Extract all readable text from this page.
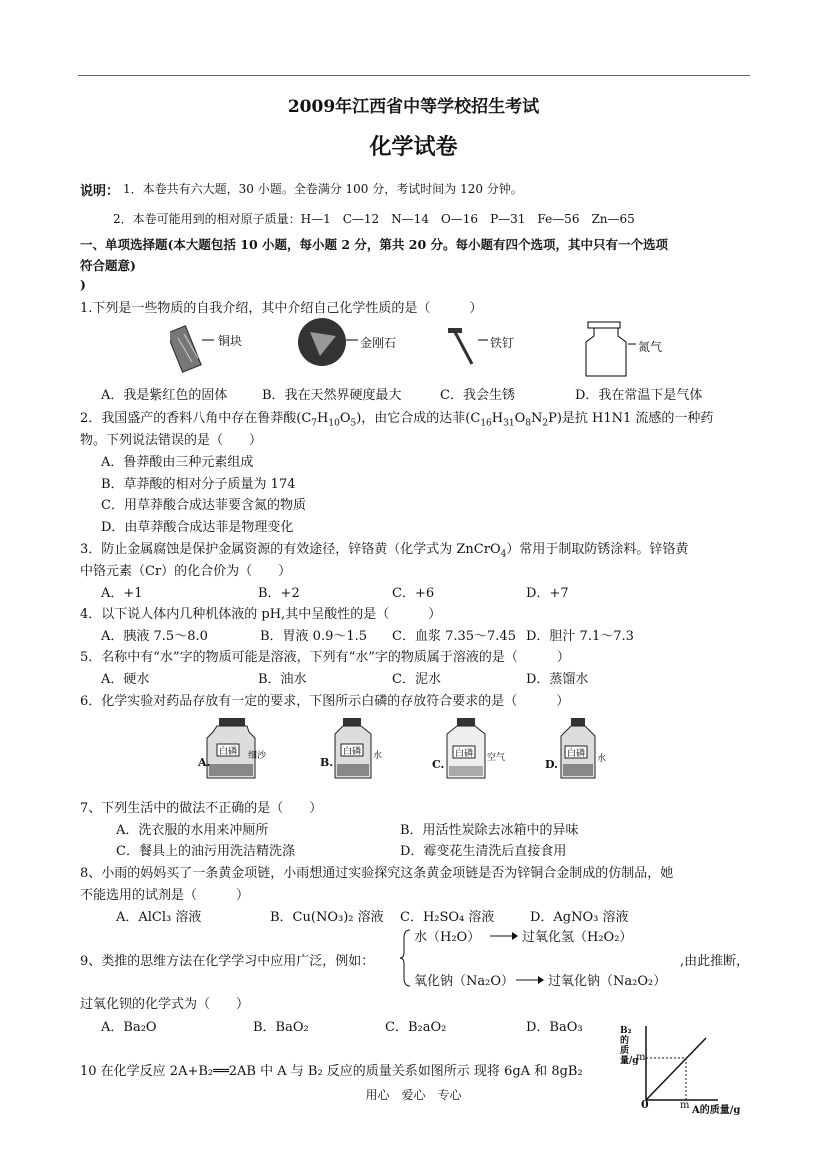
2009年江西省中等学校招生考试
化学试卷
说明： 1．本卷共有六大题，30 小题。全卷满分 100 分，考试时间为 120 分钟。
2．本卷可能用到的相对原子质量：H—1　C—12　N—14　O—16　P—31　Fe—56　Zn—65
一、单项选择题(本大题包括 10 小题，每小题 2 分，第共 20 分。每小题有四个选项，其中只有一个选项
符合题意)
)
1.下列是一些物质的自我介绍，其中介绍自己化学性质的是（　　　）
铜块	金刚石	铁钉	氮气
A．我是紫红色的固体	B．我在天然界硬度最大	C．我会生锈	D．我在常温下是气体
2．我国盛产的香料八角中存在鲁莽酸$(C_7H_{10}O_5)$，由它合成的达菲$(C_{16}H_{31}O_8N_2P)$是抗 H1N1 流感的一种药
物。下列说法错误的是（　　）
A．鲁莽酸由三种元素组成
B．草莽酸的相对分子质量为 174
C．用草莽酸合成达菲要含氮的物质
D．由草莽酸合成达菲是物理变化
3．防止金属腐蚀是保护金属资源的有效途径，锌铬黄（化学式为 ZnCrO$_4$）常用于制取防锈涂料。锌铬黄
中铬元素（Cr）的化合价为（　　）
A．+1	B．+2	C．+6	D．+7
4．以下说人体内几种机体液的 pH,其中呈酸性的是（　　　）
A．胰液 7.5～8.0	B．胃液 0.9～1.5 C．血浆 7.35～7.45 D．胆汁 7.1～7.3
5．名称中有“水”字的物质可能是溶液，下列有“水”字的物质属于溶液的是（　　　）
A．硬水	B．油水	C．泥水	D．蒸馏水
6．化学实验对药品存放有一定的要求，下图所示白磷的存放符合要求的是（　　　）
A.
白磷 细沙	B.
白磷 水
C.
白磷 空气	D.
白磷 水
7、下列生活中的做法不正确的是（　　）
A．洗衣服的水用来冲厕所	B．用活性炭除去冰箱中的异味
C．餐具上的油污用洗洁精洗涤	D．霉变花生清洗后直接食用
8、小雨的妈妈买了一条黄金项链，小雨想通过实验探究这条黄金项链是否为锌铜合金制成的仿制品，她
不能选用的试剂是（　　　）
A．AlCl₃ 溶液	B．Cu(NO₃)₂ 溶液 C．H₂SO₄ 溶液	D．AgNO₃ 溶液
9、类推的思维方法在化学学习中应用广泛，例如：
水（H₂O）	过氧化氢（H₂O₂）
氧化钠（Na₂O）	过氧化钠（Na₂O₂）
,由此推断，
过氧化钡的化学式为（　　）
A．Ba₂O	B．BaO₂	C．B₂aO₂	D．BaO₃
10 在化学反应 2A+B₂══2AB 中 A 与 B₂ 反应的质量关系如图所示 现将 6gA 和 8gB₂
B₂的质量/g
m
m A的质量/g
0
用心　爱心　专心
